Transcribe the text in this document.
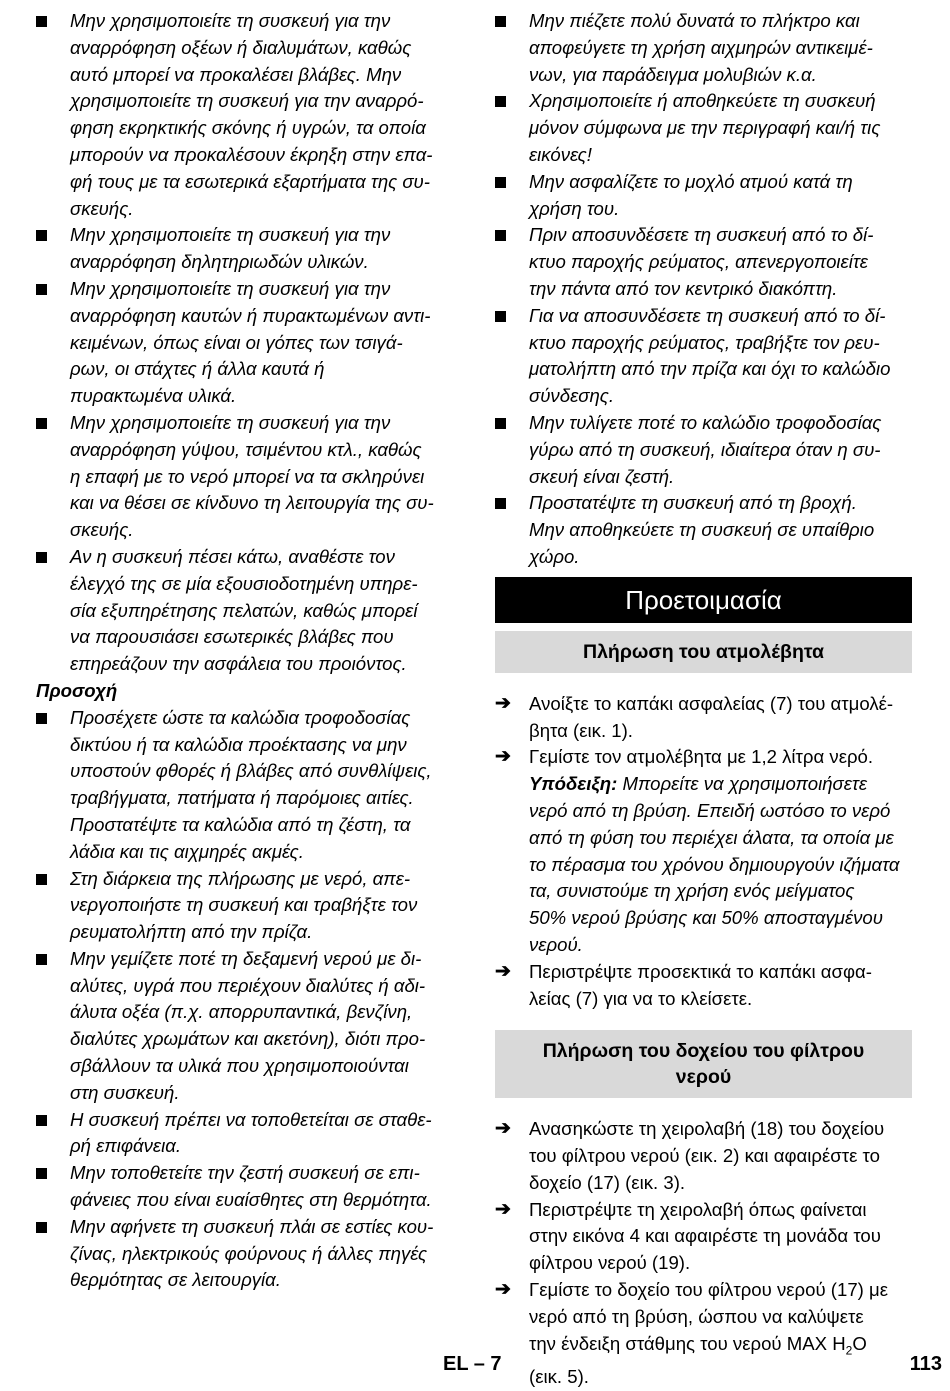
Μην χρησιμοποιείτε τη συσκευή για την
αναρρόφηση οξέων ή διαλυμάτων, καθώς
αυτό μπορεί να προκαλέσει βλάβες. Μην
χρησιμοποιείτε τη συσκευή για την αναρρό-
φηση εκρηκτικής σκόνης ή υγρών, τα οποία
μπορούν να προκαλέσουν έκρηξη στην επα-
φή τους με τα εσωτερικά εξαρτήματα της συ-
σκευής.
Μην χρησιμοποιείτε τη συσκευή για την
αναρρόφηση δηλητηριωδών υλικών.
Μην χρησιμοποιείτε τη συσκευή για την
αναρρόφηση καυτών ή πυρακτωμένων αντι-
κειμένων, όπως είναι οι γόπες των τσιγά-
ρων, οι στάχτες ή άλλα καυτά ή
πυρακτωμένα υλικά.
Μην χρησιμοποιείτε τη συσκευή για την
αναρρόφηση γύψου, τσιμέντου κτλ., καθώς
η επαφή με το νερό μπορεί να τα σκληρύνει
και να θέσει σε κίνδυνο τη λειτουργία της συ-
σκευής.
Αν η συσκευή πέσει κάτω, αναθέστε τον
έλεγχό της σε μία εξουσιοδοτημένη υπηρε-
σία εξυπηρέτησης πελατών, καθώς μπορεί
να παρουσιάσει εσωτερικές βλάβες που
επηρεάζουν την ασφάλεια του προιόντος.
Προσοχή
Προσέχετε ώστε τα καλώδια τροφοδοσίας
δικτύου ή τα καλώδια προέκτασης να μην
υποστούν φθορές ή βλάβες από συνθλίψεις,
τραβήγματα, πατήματα ή παρόμοιες αιτίες.
Προστατέψτε τα καλώδια από τη ζέστη, τα
λάδια και τις αιχμηρές ακμές.
Στη διάρκεια της πλήρωσης με νερό, απε-
νεργοποιήστε τη συσκευή και τραβήξτε τον
ρευματολήπτη από την πρίζα.
Μην γεμίζετε ποτέ τη δεξαμενή νερού με δι-
αλύτες, υγρά που περιέχουν διαλύτες ή αδι-
άλυτα οξέα (π.χ. απορρυπαντικά, βενζίνη,
διαλύτες χρωμάτων και ακετόνη), διότι προ-
σβάλλουν τα υλικά που χρησιμοποιούνται
στη συσκευή.
Η συσκευή πρέπει να τοποθετείται σε σταθε-
ρή επιφάνεια.
Μην τοποθετείτε την ζεστή συσκευή σε επι-
φάνειες που είναι ευαίσθητες στη θερμότητα.
Μην αφήνετε τη συσκευή πλάι σε εστίες κου-
ζίνας, ηλεκτρικούς φούρνους ή άλλες πηγές
θερμότητας σε λειτουργία.
Μην πιέζετε πολύ δυνατά το πλήκτρο και
αποφεύγετε τη χρήση αιχμηρών αντικειμέ-
νων, για παράδειγμα μολυβιών κ.α.
Χρησιμοποιείτε ή αποθηκεύετε τη συσκευή
μόνον σύμφωνα με την περιγραφή και/ή τις
εικόνες!
Μην ασφαλίζετε το μοχλό ατμού κατά τη
χρήση του.
Πριν αποσυνδέσετε τη συσκευή από το δί-
κτυο παροχής ρεύματος, απενεργοποιείτε
την πάντα από τον κεντρικό διακόπτη.
Για να αποσυνδέσετε τη συσκευή από το δί-
κτυο παροχής ρεύματος, τραβήξτε τον ρευ-
ματολήπτη από την πρίζα και όχι το καλώδιο
σύνδεσης.
Μην τυλίγετε ποτέ το καλώδιο τροφοδοσίας
γύρω από τη συσκευή, ιδιαίτερα όταν η συ-
σκευή είναι ζεστή.
Προστατέψτε τη συσκευή από τη βροχή.
Μην αποθηκεύετε τη συσκευή σε υπαίθριο
χώρο.
Προετοιμασία
Πλήρωση του ατμολέβητα
➔ Ανοίξτε το καπάκι ασφαλείας (7) του ατμολέ-
βητα (εικ. 1).
➔ Γεμίστε τον ατμολέβητα με 1,2 λίτρα νερό.
Υπόδειξη: Μπορείτε να χρησιμοποιήσετε
νερό από τη βρύση. Επειδή ωστόσο το νερό
από τη φύση του περιέχει άλατα, τα οποία με
το πέρασμα του χρόνου δημιουργούν ιζήματα
τα, συνιστούμε τη χρήση ενός μείγματος
50% νερού βρύσης και 50% αποσταγμένου
νερού.
➔ Περιστρέψτε προσεκτικά το καπάκι ασφα-
λείας (7) για να το κλείσετε.
Πλήρωση του δοχείου του φίλτρου
νερού
➔ Ανασηκώστε τη χειρολαβή (18) του δοχείου
του φίλτρου νερού (εικ. 2) και αφαιρέστε το
δοχείο (17) (εικ. 3).
➔ Περιστρέψτε τη χειρολαβή όπως φαίνεται
στην εικόνα 4 και αφαιρέστε τη μονάδα του
φίλτρου νερού (19).
➔ Γεμίστε το δοχείο του φίλτρου νερού (17) με
νερό από τη βρύση, ώσπου να καλύψετε
την ένδειξη στάθμης του νερού MAX $H_2O$
(εικ. 5).
EL – 7	113
